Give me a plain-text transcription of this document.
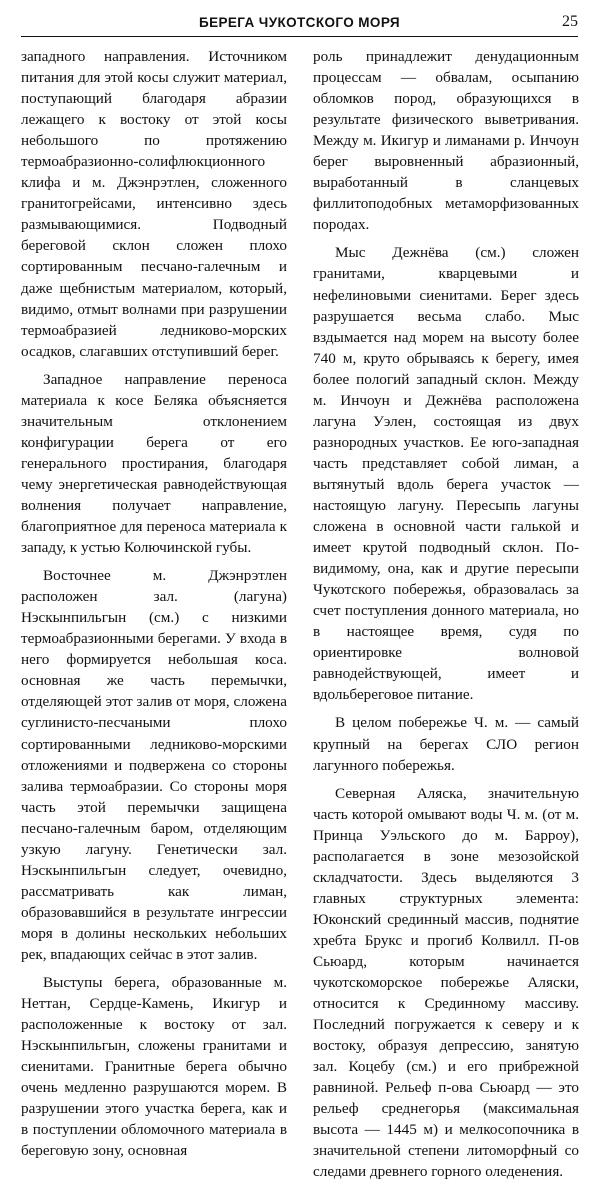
БЕРЕГА ЧУКОТСКОГО МОРЯ	25

западного направления. Источником питания для этой косы служит материал, поступающий благодаря абразии лежащего к востоку от этой косы небольшого по протяжению термоабразионно-солифлюкционного клифа и м. Джэнрэтлен, сложенного гранитогрейсами, интенсивно здесь размывающимися. Подводный береговой склон сложен плохо сортированным песчано-галечным и даже щебнистым материалом, который, видимо, отмыт волнами при разрушении термоабразией ледниково-морских осадков, слагавших отступивший берег.

Западное направление переноса материала к косе Беляка объясняется значительным отклонением конфигурации берега от его генерального простирания, благодаря чему энергетическая равнодействующая волнения получает направление, благоприятное для переноса материала к западу, к устью Колючинской губы.

Восточнее м. Джэнрэтлен расположен зал. (лагуна) Нэскынпильгын (см.) с низкими термоабразионными берегами. У входа в него формируется небольшая коса. основная же часть перемычки, отделяющей этот залив от моря, сложена суглинисто-песчаными плохо сортированными ледниково-морскими отложениями и подвержена со стороны залива термоабразии. Со стороны моря часть этой перемычки защищена песчано-галечным баром, отделяющим узкую лагуну. Генетически зал. Нэскынпильгын следует, очевидно, рассматривать как лиман, образовавшийся в результате ингрессии моря в долины нескольких небольших рек, впадающих сейчас в этот залив.

Выступы берега, образованные м. Неттан, Сердце-Камень, Икигур и расположенные к востоку от зал. Нэскынпильгын, сложены гранитами и сиенитами. Гранитные берега обычно очень медленно разрушаются морем. В разрушении этого участка берега, как и в поступлении обломочного материала в береговую зону, основная

роль принадлежит денудационным процессам — обвалам, осыпанию обломков пород, образующихся в результате физического выветривания. Между м. Икигур и лиманами р. Инчоун берег выровненный абразионный, выработанный в сланцевых филлитоподобных метаморфизованных породах.

Мыс Дежнёва (см.) сложен гранитами, кварцевыми и нефелиновыми сиенитами. Берег здесь разрушается весьма слабо. Мыс вздымается над морем на высоту более 740 м, круто обрываясь к берегу, имея более пологий западный склон. Между м. Инчоун и Дежнёва расположена лагуна Уэлен, состоящая из двух разнородных участков. Ее юго-западная часть представляет собой лиман, а вытянутый вдоль берега участок — настоящую лагуну. Пересыпь лагуны сложена в основной части галькой и имеет крутой подводный склон. По-видимому, она, как и другие пересыпи Чукотского побережья, образовалась за счет поступления донного материала, но в настоящее время, судя по ориентировке волновой равнодействующей, имеет и вдольбереговое питание.

В целом побережье Ч. м. — самый крупный на берегах СЛО регион лагунного побережья.

Северная Аляска, значительную часть которой омывают воды Ч. м. (от м. Принца Уэльского до м. Барроу), располагается в зоне мезозойской складчатости. Здесь выделяются 3 главных структурных элемента: Юконский срединный массив, поднятие хребта Брукс и прогиб Колвилл. П-ов Сьюард, которым начинается чукотскоморское побережье Аляски, относится к Срединному массиву. Последний погружается к северу и к востоку, образуя депрессию, занятую зал. Коцебу (см.) и его прибрежной равниной. Рельеф п-ова Сьюард — это рельеф среднегорья (максимальная высота — 1445 м) и мелкосопочника в значительной степени литоморфный со следами древнего горного оледенения.
